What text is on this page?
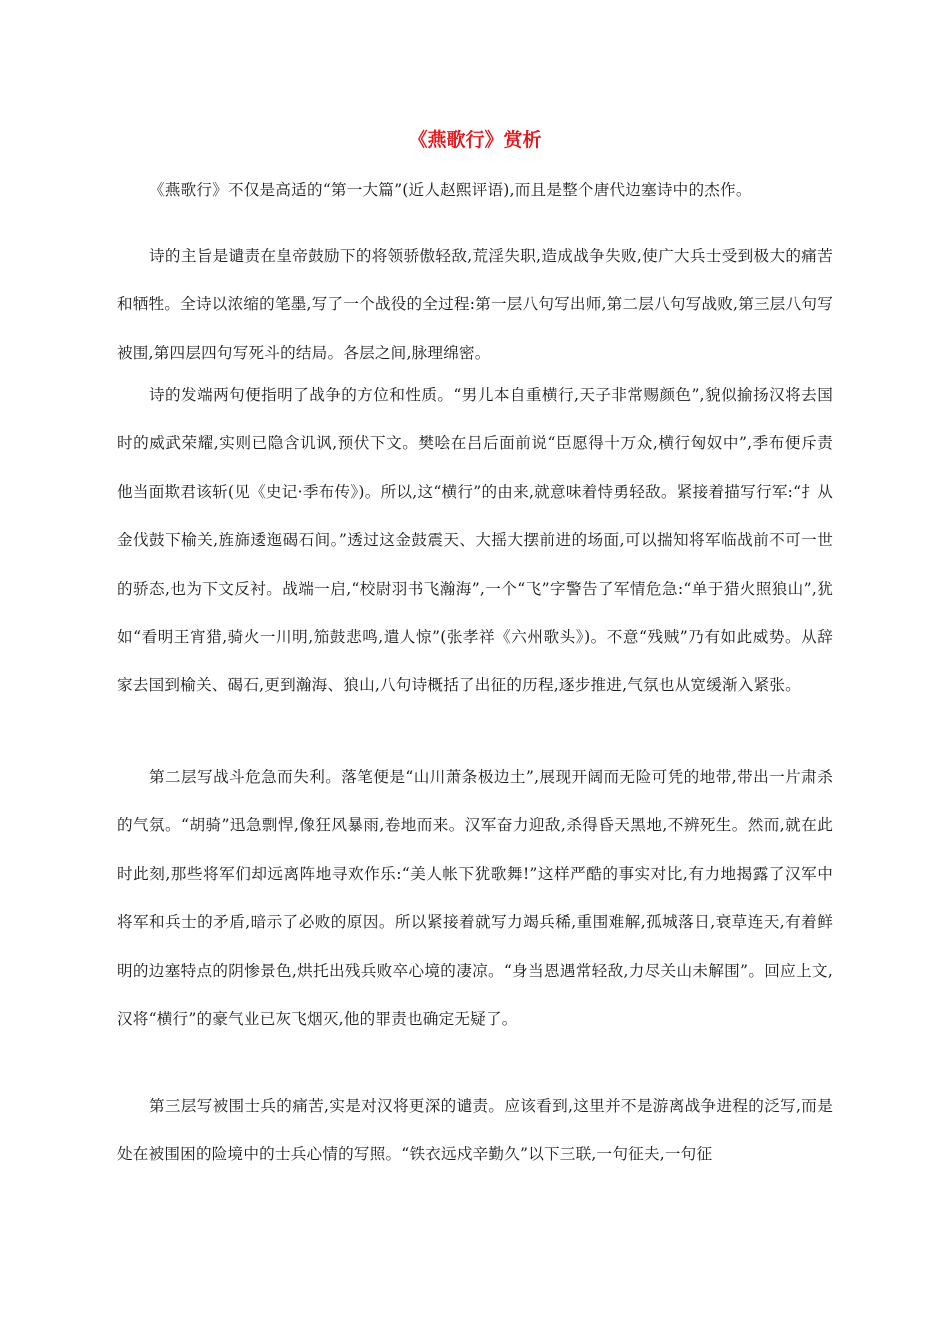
《燕歌行》赏析

《燕歌行》不仅是高适的“第一大篇”(近人赵熙评语),而且是整个唐代边塞诗中的杰作。

诗的主旨是谴责在皇帝鼓励下的将领骄傲轻敌,荒淫失职,造成战争失败,使广大兵士受到极大的痛苦和牺牲。全诗以浓缩的笔墨,写了一个战役的全过程:第一层八句写出师,第二层八句写战败,第三层八句写被围,第四层四句写死斗的结局。各层之间,脉理绵密。

诗的发端两句便指明了战争的方位和性质。“男儿本自重横行,天子非常赐颜色”,貌似揄扬汉将去国时的威武荣耀,实则已隐含讥讽,预伏下文。樊哙在吕后面前说“臣愿得十万众,横行匈奴中”,季布便斥责他当面欺君该斩(见《史记·季布传》)。所以,这“横行”的由来,就意味着恃勇轻敌。紧接着描写行军:“扌从金伐鼓下榆关,旌旆逶迤碣石间。”透过这金鼓震天、大摇大摆前进的场面,可以揣知将军临战前不可一世的骄态,也为下文反衬。战端一启,“校尉羽书飞瀚海”,一个“飞”字警告了军情危急:“单于猎火照狼山”,犹如“看明王宵猎,骑火一川明,笳鼓悲鸣,遣人惊”(张孝祥《六州歌头》)。不意“残贼”乃有如此威势。从辞家去国到榆关、碣石,更到瀚海、狼山,八句诗概括了出征的历程,逐步推进,气氛也从宽缓渐入紧张。

第二层写战斗危急而失利。落笔便是“山川萧条极边土”,展现开阔而无险可凭的地带,带出一片肃杀的气氛。“胡骑”迅急剽悍,像狂风暴雨,卷地而来。汉军奋力迎敌,杀得昏天黑地,不辨死生。然而,就在此时此刻,那些将军们却远离阵地寻欢作乐:“美人帐下犹歌舞!”这样严酷的事实对比,有力地揭露了汉军中将军和兵士的矛盾,暗示了必败的原因。所以紧接着就写力竭兵稀,重围难解,孤城落日,衰草连天,有着鲜明的边塞特点的阴惨景色,烘托出残兵败卒心境的凄凉。“身当恩遇常轻敌,力尽关山未解围”。回应上文,汉将“横行”的豪气业已灰飞烟灭,他的罪责也确定无疑了。

第三层写被围士兵的痛苦,实是对汉将更深的谴责。应该看到,这里并不是游离战争进程的泛写,而是处在被围困的险境中的士兵心情的写照。“铁衣远戍辛勤久”以下三联,一句征夫,一句征
